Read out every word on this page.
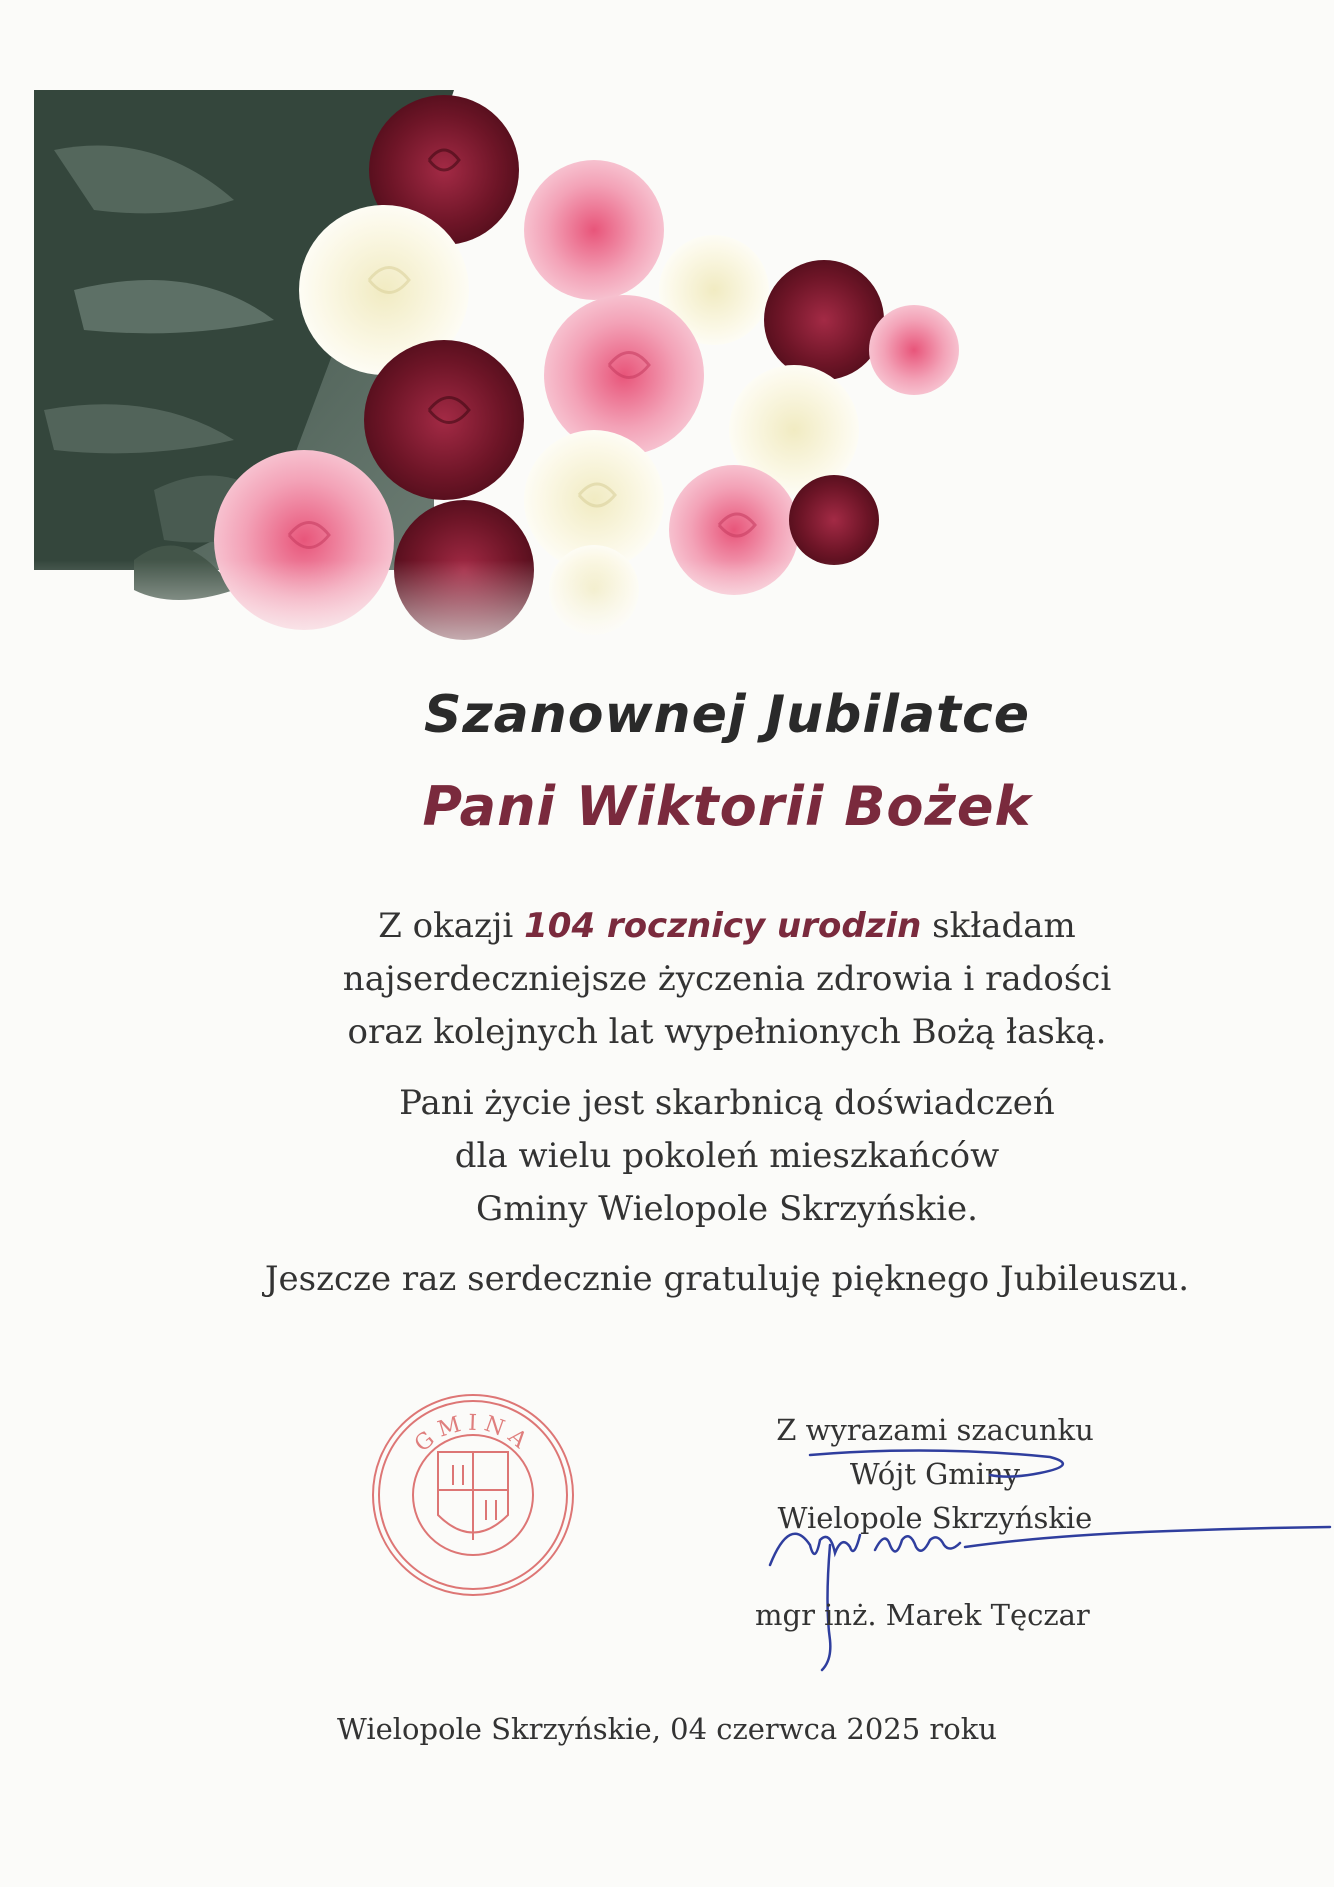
Szanownej Jubilatce
Pani Wiktorii Bożek
Z okazji 104 rocznicy urodzin składam
najserdeczniejsze życzenia zdrowia i radości
oraz kolejnych lat wypełnionych Bożą łaską.
Pani życie jest skarbnicą doświadczeń
dla wielu pokoleń mieszkańców
Gminy Wielopole Skrzyńskie.
Jeszcze raz serdecznie gratuluję pięknego Jubileuszu.
GMINA	Z wyrazami szacunku
Wójt Gminy
Wielopole Skrzyńskie
mgr inż. Marek Tęczar
Wielopole Skrzyńskie, 04 czerwca 2025 roku
